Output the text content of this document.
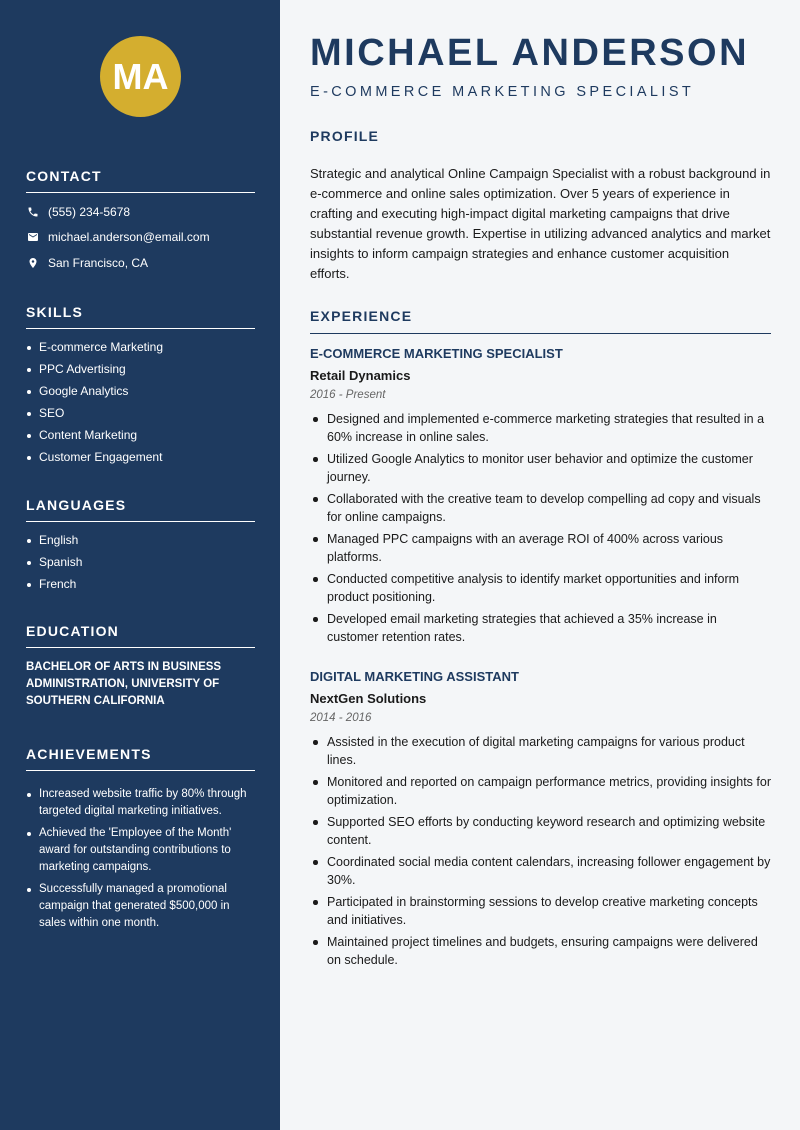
MA
CONTACT
(555) 234-5678
michael.anderson@email.com
San Francisco, CA
SKILLS
E-commerce Marketing
PPC Advertising
Google Analytics
SEO
Content Marketing
Customer Engagement
LANGUAGES
English
Spanish
French
EDUCATION
BACHELOR OF ARTS IN BUSINESS ADMINISTRATION, UNIVERSITY OF SOUTHERN CALIFORNIA
ACHIEVEMENTS
Increased website traffic by 80% through targeted digital marketing initiatives.
Achieved the 'Employee of the Month' award for outstanding contributions to marketing campaigns.
Successfully managed a promotional campaign that generated $500,000 in sales within one month.
MICHAEL ANDERSON
E-COMMERCE MARKETING SPECIALIST
PROFILE

Strategic and analytical Online Campaign Specialist with a robust background in e-commerce and online sales optimization. Over 5 years of experience in crafting and executing high-impact digital marketing campaigns that drive substantial revenue growth. Expertise in utilizing advanced analytics and market insights to inform campaign strategies and enhance customer acquisition efforts.

EXPERIENCE
E-COMMERCE MARKETING SPECIALIST
Retail Dynamics
2016 - Present
Designed and implemented e-commerce marketing strategies that resulted in a 60% increase in online sales.
Utilized Google Analytics to monitor user behavior and optimize the customer journey.
Collaborated with the creative team to develop compelling ad copy and visuals for online campaigns.
Managed PPC campaigns with an average ROI of 400% across various platforms.
Conducted competitive analysis to identify market opportunities and inform product positioning.
Developed email marketing strategies that achieved a 35% increase in customer retention rates.
DIGITAL MARKETING ASSISTANT
NextGen Solutions
2014 - 2016
Assisted in the execution of digital marketing campaigns for various product lines.
Monitored and reported on campaign performance metrics, providing insights for optimization.
Supported SEO efforts by conducting keyword research and optimizing website content.
Coordinated social media content calendars, increasing follower engagement by 30%.
Participated in brainstorming sessions to develop creative marketing concepts and initiatives.
Maintained project timelines and budgets, ensuring campaigns were delivered on schedule.
